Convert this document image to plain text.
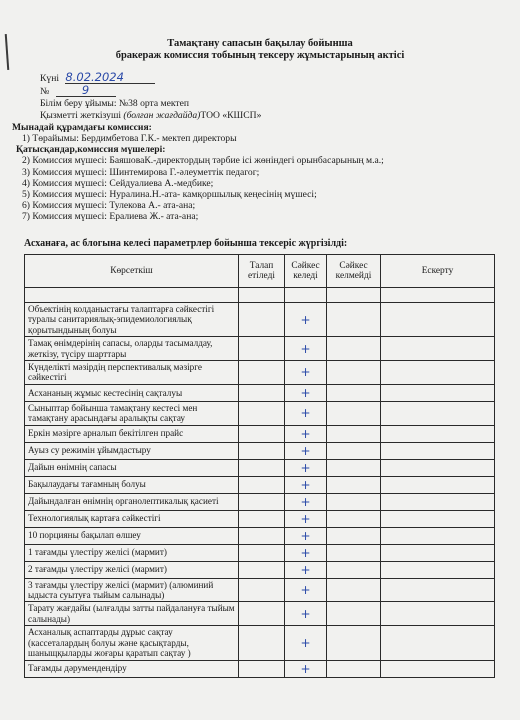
Тамақтану сапасын бақылау бойынша
бракераж комиссия тобының тексеру жұмыстарының актісі
Күні 8.02.2024
№	9
Білім беру ұйымы: №38 орта мектеп
Қызметті жеткізуші (болған жағдайда)ТОО «КШСП»
Мынадай құрамдағы комиссия:
1) Төрайымы: Бердимбетова Г.К.- мектеп директоры
Қатысқандар,комиссия мүшелері:
2) Комиссия мүшесі: БаяшоваК.-директордың тәрбие ісі жөніндегі орынбасарының м.а.;
3) Комиссия мүшесі: Шинтемирова Г.-әлеуметтік педагог;
4) Комиссия мүшесі: Сейдуалиева А.-медбике;
5) Комиссия мүшесі: Нуралина.Н.-ата- камқоршылық кеңесінің мүшесі;
6) Комиссия мүшесі: Тулекова А.- ата-ана;
7) Комиссия мүшесі: Ералиева Ж.- ата-ана;
Асханаға, ас блогына келесі параметрлер бойынша тексеріс жүргізілді:
Көрсеткіш	Талап етіледі	Сәйкес келеді	Сәйкес келмейді	Ескерту

Объектінің колданыстағы талаптарға сәйкестігі туралы санитариялық-эпидемиологиялық қорытындының болуы		+		
Тамақ өнімдерінің сапасы, оларды тасымалдау, жеткізу, түсіру шарттары		+		
Күнделікті мәзірдің перспективалық мәзірге сәйкестігі		+		
Асхананың жұмыс кестесінің сақталуы		+		
Сыныптар бойынша тамақтану кестесі мен тамақтану арасындағы аралықты сақтау		+		
Еркін мәзірге арналып бекітілген прайс		+		
Ауыз су режимін ұйымдастыру		+		
Дайын өнімнің сапасы		+		
Бақылаудағы тағамның болуы		+		
Дайындалған өнімнің органолептикалық қасиеті		+		
Технологиялық картаға сәйкестігі		+		
10 порцияны бақылап өлшеу		+		
1 тағамды үлестіру желісі (мармит)		+		
2 тағамды үлестіру желісі (мармит)		+		
3 тағамды үлестіру желісі (мармит) (алюминий ыдыста суытуға тыйым салынады)		+		
Тарату жағдайы (ылғалды затты пайдалануға тыйым салынады)		+		
Асханалық аспаптарды дұрыс сақтау (кассеталардың болуы және қасықтарды, шаныщқыларды жоғары қаратып сақтау )		+		
Тағамды дәрумендендіру		+		
